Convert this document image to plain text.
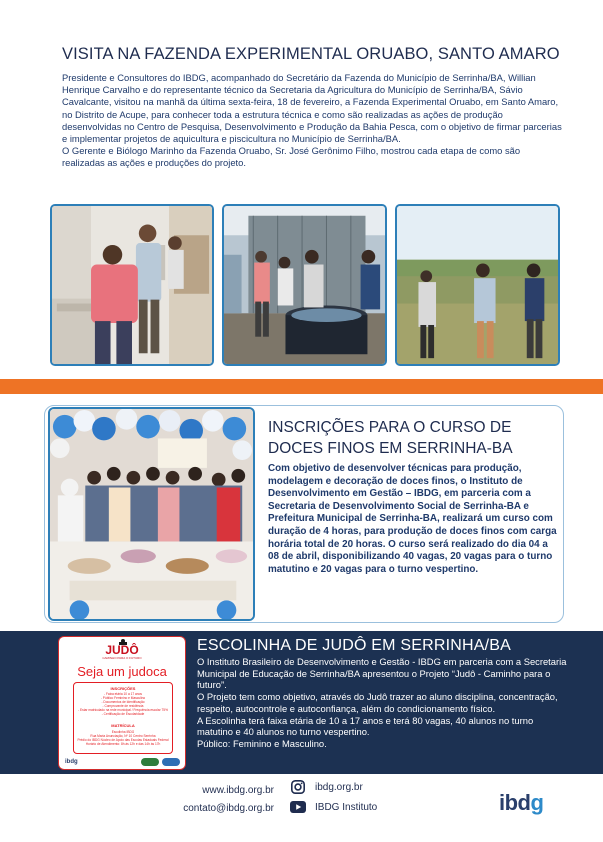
VISITA NA FAZENDA EXPERIMENTAL ORUABO, SANTO AMARO

Presidente e Consultores do IBDG, acompanhado do Secretário da Fazenda do Município de Serrinha/BA, Willian Henrique Carvalho e do representante técnico da Secretaria da Agricultura do Município de Serrinha/BA, Sávio Cavalcante, visitou na manhã da última sexta-feira, 18 de fevereiro, a Fazenda Experimental Oruabo, em Santo Amaro, no Distrito de Acupe, para conhecer toda a estrutura técnica e como são realizadas as ações de produção desenvolvidas no Centro de Pesquisa, Desenvolvimento e Produção da Bahia Pesca, com o objetivo de firmar parcerias e implementar projetos de aquicultura e piscicultura no Município de Serrinha/BA.

O Gerente e Biólogo Marinho da Fazenda Oruabo, Sr. José Gerônimo Filho, mostrou cada etapa de como são realizadas as ações e produções do projeto.

INSCRIÇÕES PARA O CURSO DE DOCES FINOS EM SERRINHA-BA
Com objetivo de desenvolver técnicas para produção, modelagem e decoração de doces finos, o Instituto de Desenvolvimento em Gestão – IBDG, em parceria com a Secretaria de Desenvolvimento Social de Serrinha-BA e Prefeitura Municipal de Serrinha-BA, realizará um curso com duração de 4 horas, para produção de doces finos com carga horária total de 20 horas. O curso será realizado do dia 04 a 08 de abril, disponibilizando 40 vagas, 20 vagas para o turno matutino e 20 vagas para o turno vespertino.
JUDÔ
CAMINHO PARA O FUTURO
Seja um judoca
INSCRIÇÕES
- Faixa etária 10 a 17 anos
- Público Feminino e Masculino
- Documentos de Identificação
- Comprovante de residência
- Estar matriculado na rede municipal / Frequência escolar 75%
- Certificação de Escolaridade
MATRÍCULA
Escolinha IBDG
Rua Maria Anunciação, Nº 10 Centro Serrinha
Prédio do IBDG Núcleo de Apoio das Escolas Estaduais Federal
Horário de Atendimento: 8h às 12h e das 14h às 17h
ibdg
ESCOLINHA DE JUDÔ EM SERRINHA/BA

O Instituto Brasileiro de Desenvolvimento e Gestão - IBDG em parceria com a Secretaria Municipal de Educação de Serrinha/BA apresentou o Projeto “Judô - Caminho para o futuro”.

O Projeto tem como objetivo, através do Judô trazer ao aluno disciplina, concentração, respeito, autocontrole e autoconfiança, além do condicionamento físico.

A Escolinha terá faixa etária de 10 a 17 anos e terá 80 vagas, 40 alunos no turno matutino e 40 alunos no turno vespertino.

Público: Feminino e Masculino.

www.ibdg.org.br
contato@ibdg.org.br
ibdg.org.br
IBDG Instituto	ibdg
